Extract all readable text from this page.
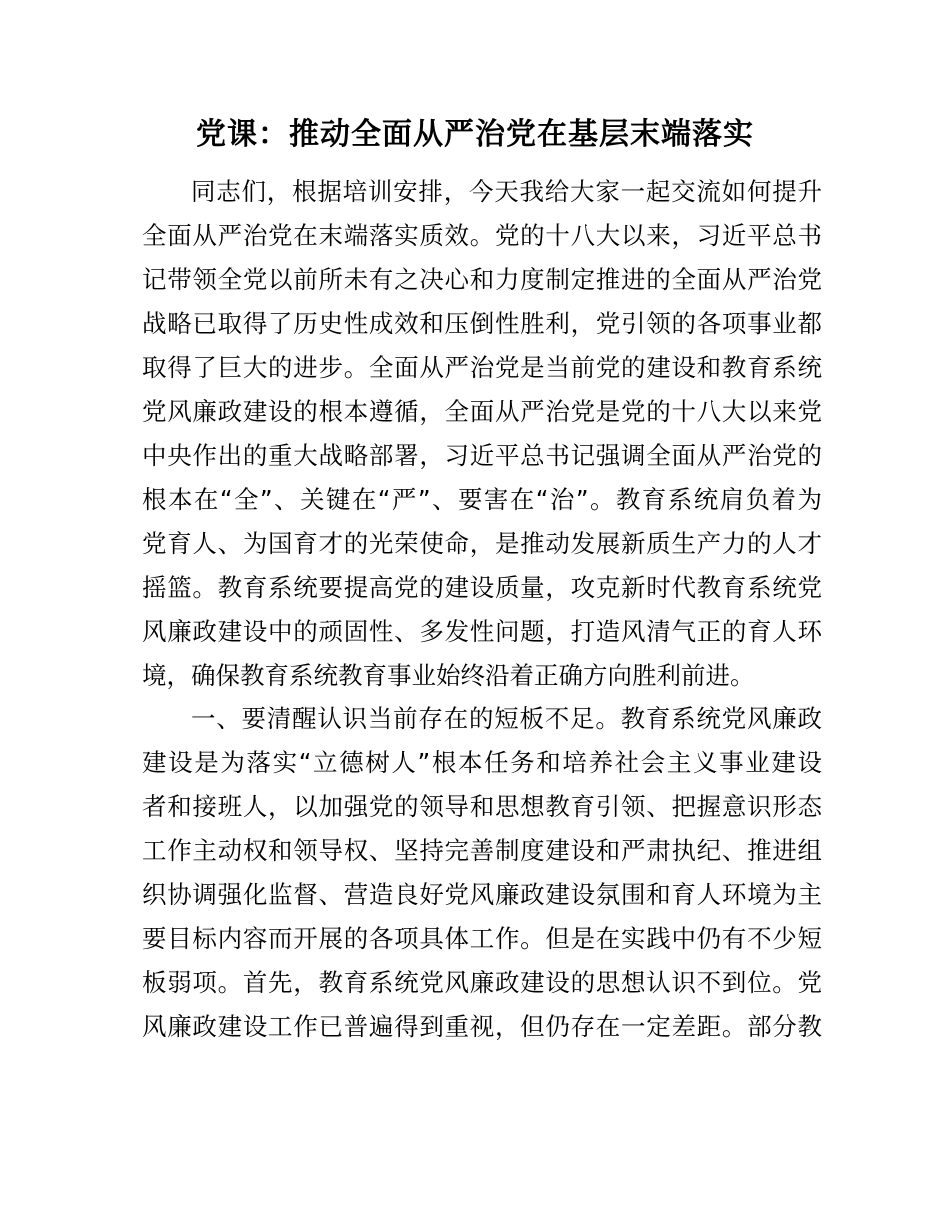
党课：推动全面从严治党在基层末端落实
同志们，根据培训安排，今天我给大家一起交流如何提升
全面从严治党在末端落实质效。党的十八大以来，习近平总书
记带领全党以前所未有之决心和力度制定推进的全面从严治党
战略已取得了历史性成效和压倒性胜利，党引领的各项事业都
取得了巨大的进步。全面从严治党是当前党的建设和教育系统
党风廉政建设的根本遵循，全面从严治党是党的十八大以来党
中央作出的重大战略部署，习近平总书记强调全面从严治党的
根本在“全”、关键在“严”、要害在“治”。教育系统肩负着为
党育人、为国育才的光荣使命，是推动发展新质生产力的人才
摇篮。教育系统要提高党的建设质量，攻克新时代教育系统党
风廉政建设中的顽固性、多发性问题，打造风清气正的育人环
境，确保教育系统教育事业始终沿着正确方向胜利前进。
一、要清醒认识当前存在的短板不足。教育系统党风廉政
建设是为落实“立德树人”根本任务和培养社会主义事业建设
者和接班人，以加强党的领导和思想教育引领、把握意识形态
工作主动权和领导权、坚持完善制度建设和严肃执纪、推进组
织协调强化监督、营造良好党风廉政建设氛围和育人环境为主
要目标内容而开展的各项具体工作。但是在实践中仍有不少短
板弱项。首先，教育系统党风廉政建设的思想认识不到位。党
风廉政建设工作已普遍得到重视，但仍存在一定差距。部分教
